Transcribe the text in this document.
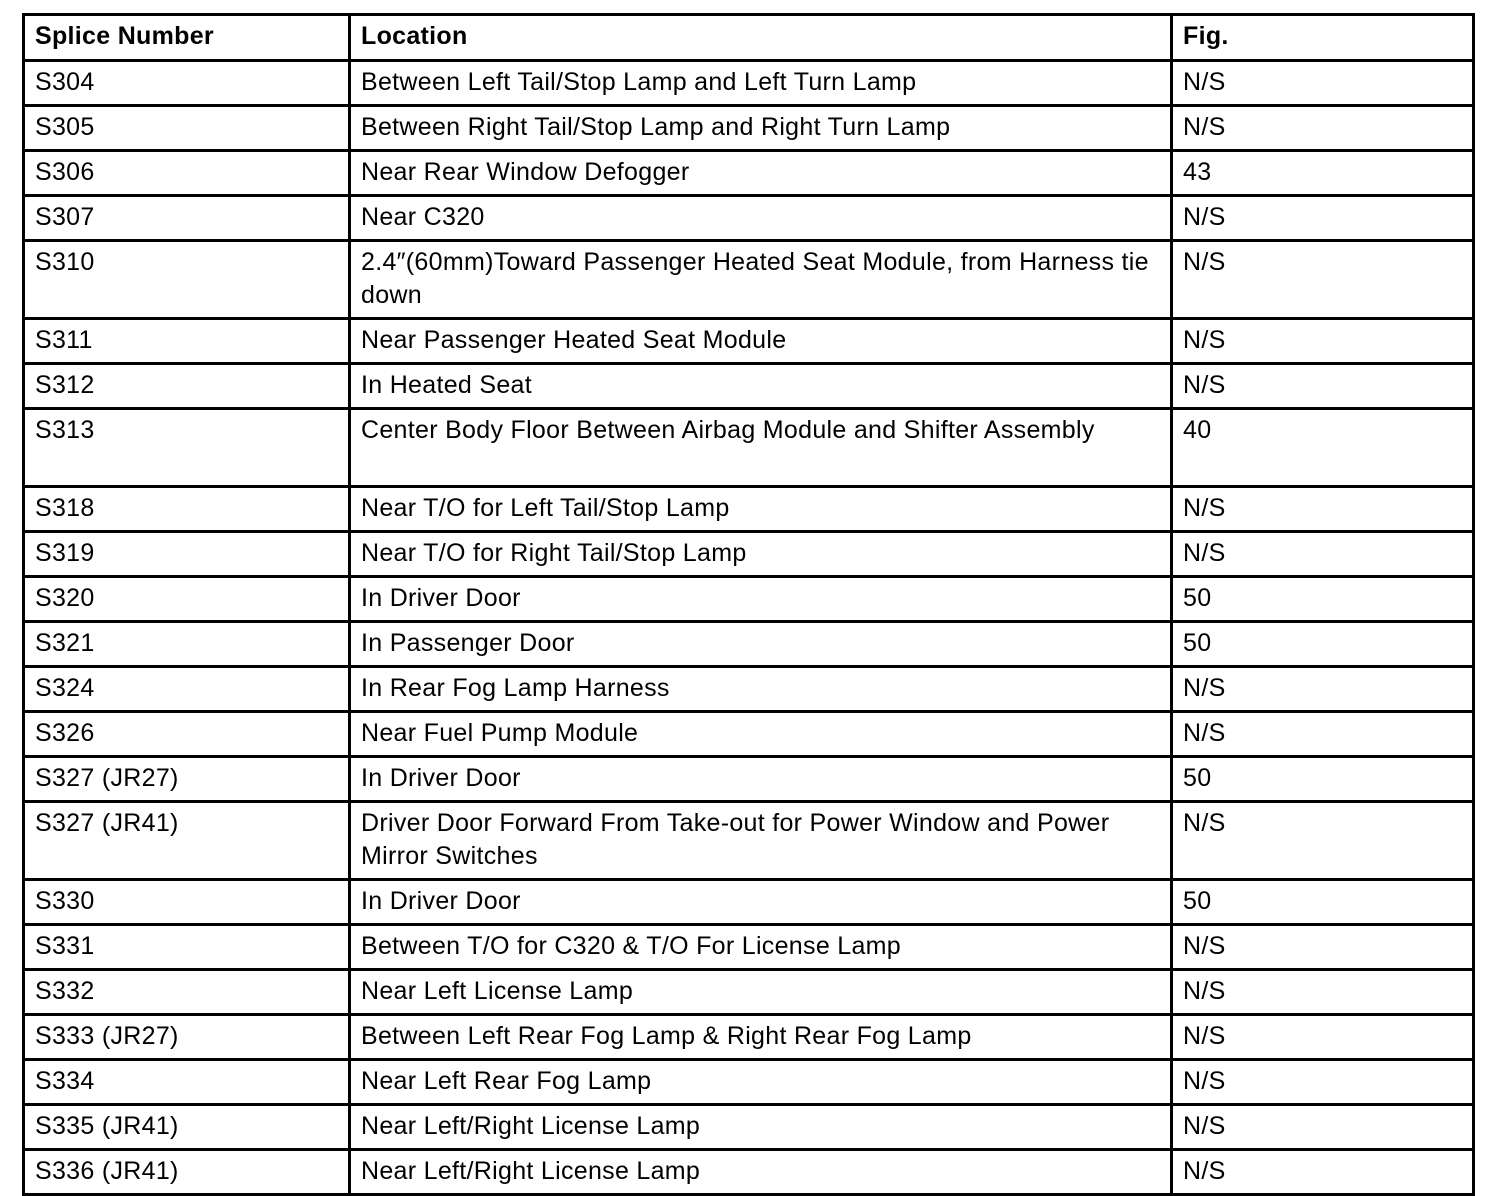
Splice Number	Location	Fig.
S304	Between Left Tail/Stop Lamp and Left Turn Lamp	N/S
S305	Between Right Tail/Stop Lamp and Right Turn Lamp	N/S
S306	Near Rear Window Defogger	43
S307	Near C320	N/S
S310	2.4″(60mm)Toward Passenger Heated Seat Module, from Harness tie down	N/S
S311	Near Passenger Heated Seat Module	N/S
S312	In Heated Seat	N/S
S313	Center Body Floor Between Airbag Module and Shifter Assembly	40
S318	Near T/O for Left Tail/Stop Lamp	N/S
S319	Near T/O for Right Tail/Stop Lamp	N/S
S320	In Driver Door	50
S321	In Passenger Door	50
S324	In Rear Fog Lamp Harness	N/S
S326	Near Fuel Pump Module	N/S
S327 (JR27)	In Driver Door	50
S327 (JR41)	Driver Door Forward From Take-out for Power Window and Power Mirror Switches	N/S
S330	In Driver Door	50
S331	Between T/O for C320 & T/O For License Lamp	N/S
S332	Near Left License Lamp	N/S
S333 (JR27)	Between Left Rear Fog Lamp & Right Rear Fog Lamp	N/S
S334	Near Left Rear Fog Lamp	N/S
S335 (JR41)	Near Left/Right License Lamp	N/S
S336 (JR41)	Near Left/Right License Lamp	N/S
